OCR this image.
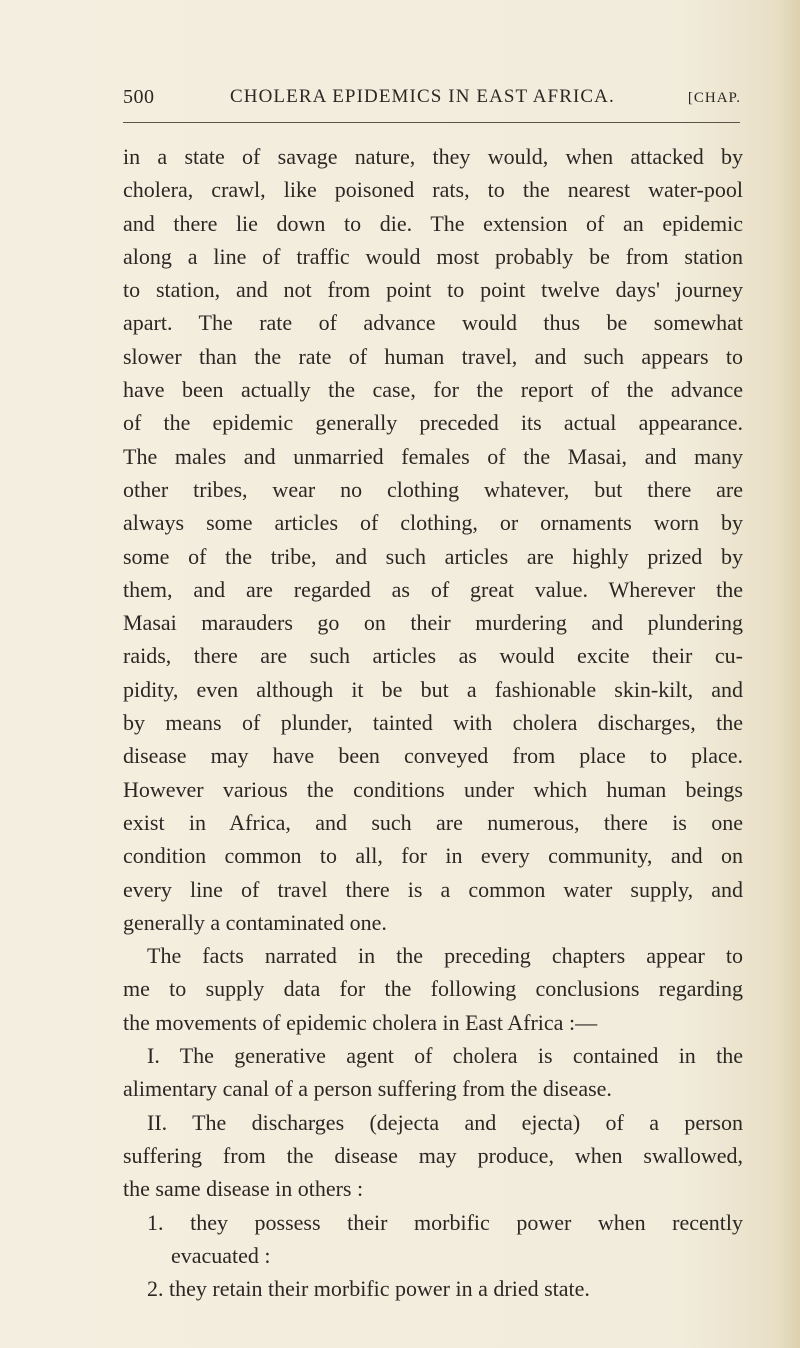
500	CHOLERA EPIDEMICS IN EAST AFRICA.	[CHAP.
in a state of savage nature, they would, when attacked by
cholera, crawl, like poisoned rats, to the nearest water-pool
and there lie down to die. The extension of an epidemic
along a line of traffic would most probably be from station
to station, and not from point to point twelve days' journey
apart. The rate of advance would thus be somewhat
slower than the rate of human travel, and such appears to
have been actually the case, for the report of the advance
of the epidemic generally preceded its actual appearance.
The males and unmarried females of the Masai, and many
other tribes, wear no clothing whatever, but there are
always some articles of clothing, or ornaments worn by
some of the tribe, and such articles are highly prized by
them, and are regarded as of great value. Wherever the
Masai marauders go on their murdering and plundering
raids, there are such articles as would excite their cu-
pidity, even although it be but a fashionable skin-kilt, and
by means of plunder, tainted with cholera discharges, the
disease may have been conveyed from place to place.
However various the conditions under which human beings
exist in Africa, and such are numerous, there is one
condition common to all, for in every community, and on
every line of travel there is a common water supply, and
generally a contaminated one.
The facts narrated in the preceding chapters appear to
me to supply data for the following conclusions regarding
the movements of epidemic cholera in East Africa :—
I. The generative agent of cholera is contained in the
alimentary canal of a person suffering from the disease.
II. The discharges (dejecta and ejecta) of a person
suffering from the disease may produce, when swallowed,
the same disease in others :
1. they possess their morbific power when recently
evacuated :
2. they retain their morbific power in a dried state.
